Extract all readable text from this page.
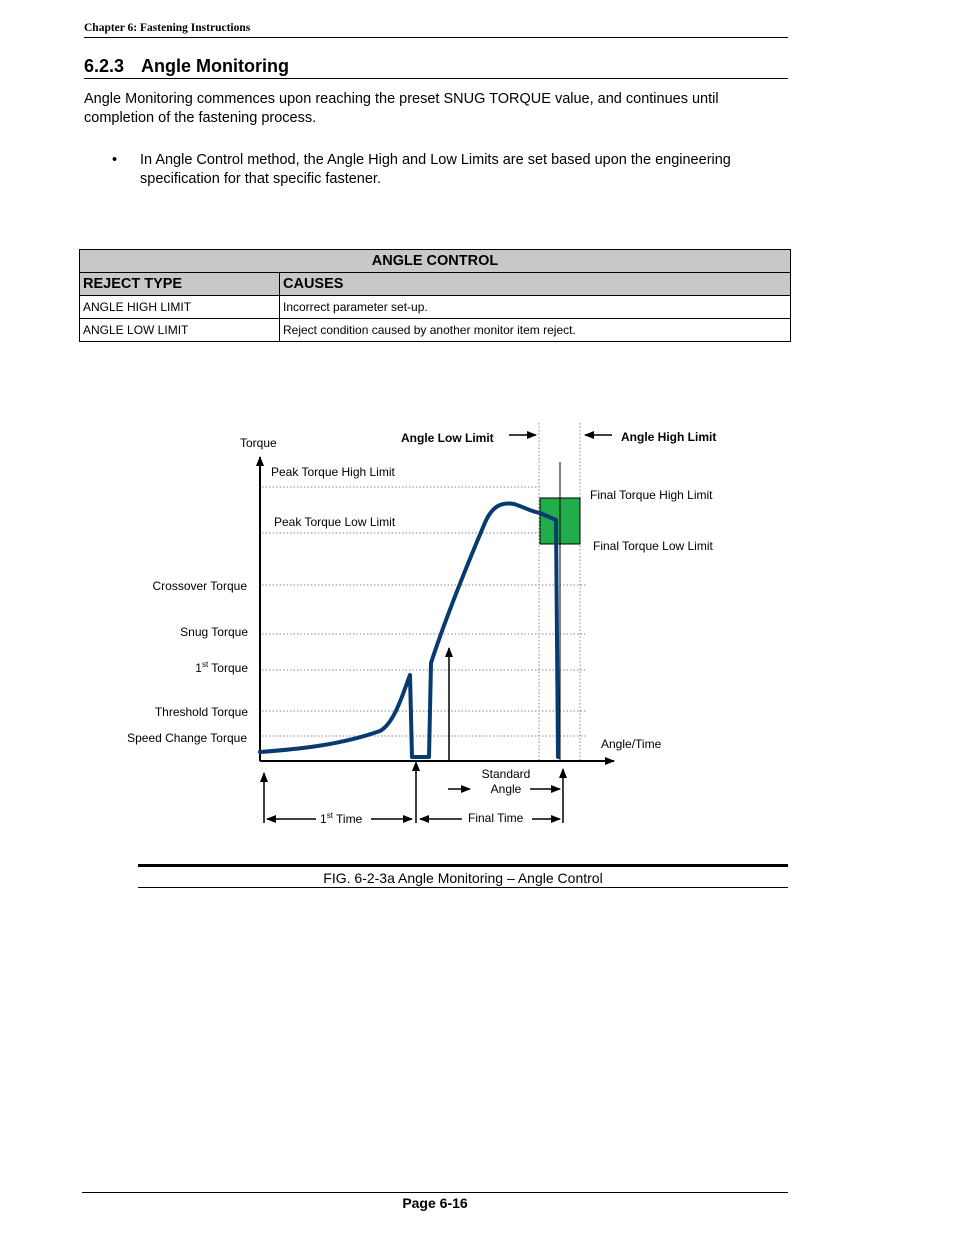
Chapter 6: Fastening Instructions
6.2.3 Angle Monitoring

Angle Monitoring commences upon reaching the preset SNUG TORQUE value, and continues until completion of the fastening process.

• In Angle Control method, the Angle High and Low Limits are set based upon the engineering specification for that specific fastener.
ANGLE CONTROL	
REJECT TYPE	CAUSES
ANGLE HIGH LIMIT	Incorrect parameter set-up.
ANGLE LOW LIMIT	Reject condition caused by another monitor item reject.
Torque
Angle/Time
Angle Low Limit	Angle High Limit
Peak Torque High Limit
Peak Torque Low Limit
Final Torque High Limit
Final Torque Low Limit
Crossover Torque
Snug Torque
1st Torque
Threshold Torque
Speed Change Torque
Standard
Angle
1st Time	Final Time
FIG. 6-2-3a Angle Monitoring – Angle Control
Page 6-16
